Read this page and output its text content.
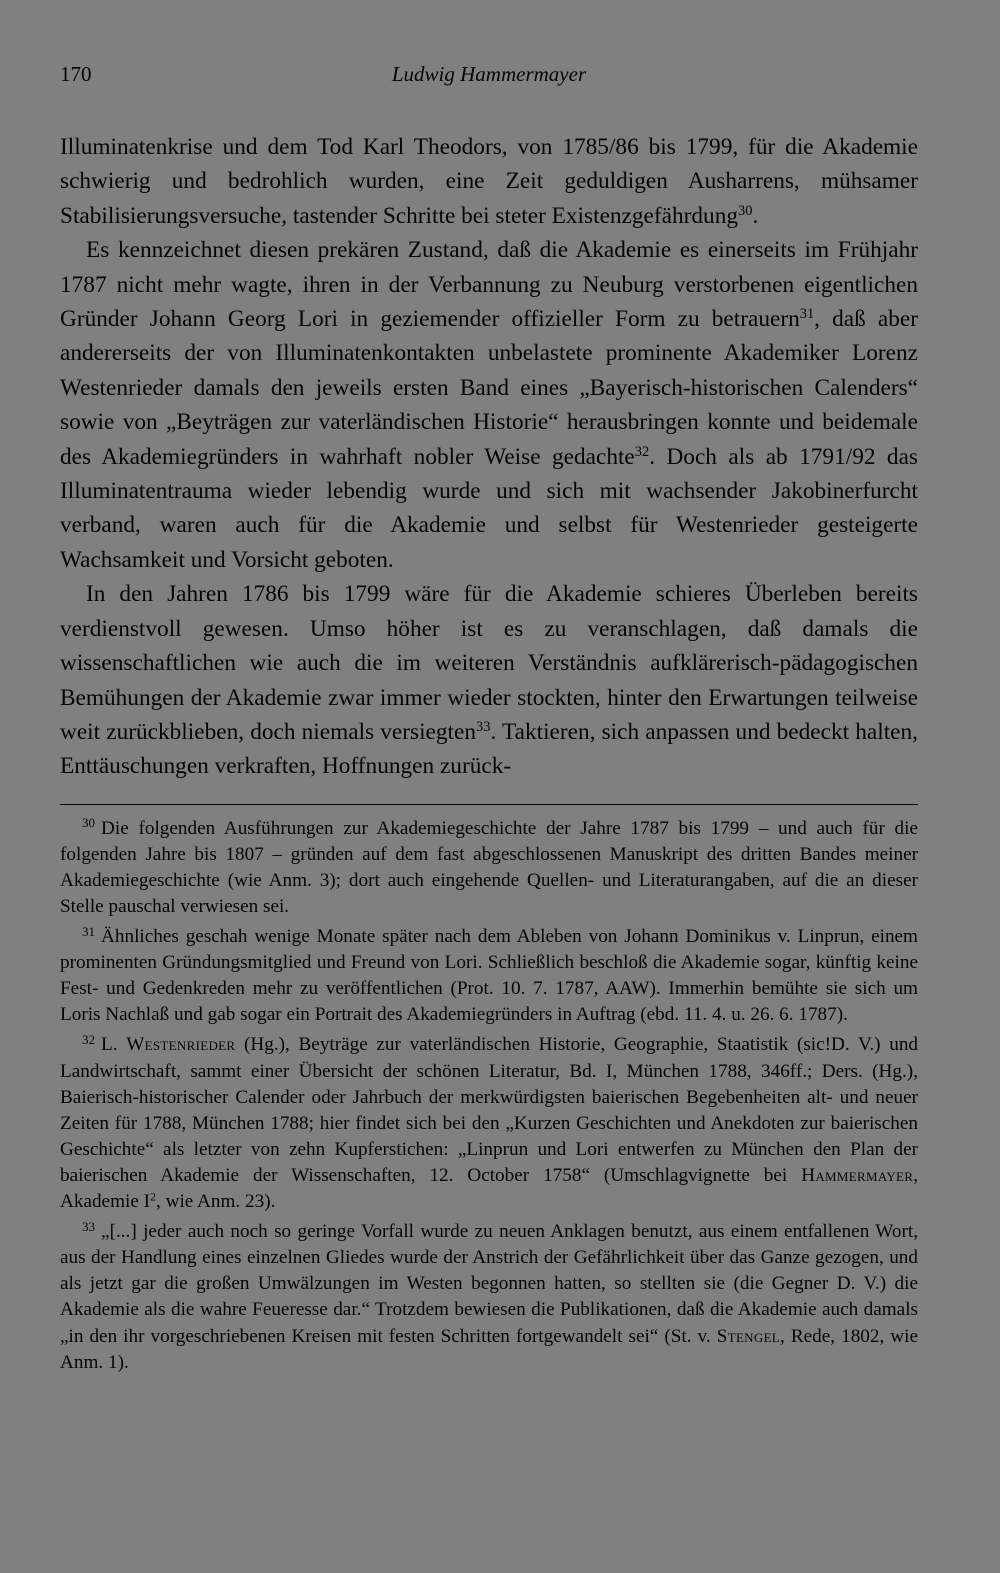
170	Ludwig Hammermayer

Illuminatenkrise und dem Tod Karl Theodors, von 1785/86 bis 1799, für die Akademie schwierig und bedrohlich wurden, eine Zeit geduldigen Ausharrens, mühsamer Stabilisierungsversuche, tastender Schritte bei steter Existenzgefährdung$^{30}$.

Es kennzeichnet diesen prekären Zustand, daß die Akademie es einerseits im Frühjahr 1787 nicht mehr wagte, ihren in der Verbannung zu Neuburg verstorbenen eigentlichen Gründer Johann Georg Lori in geziemender offizieller Form zu betrauern$^{31}$, daß aber andererseits der von Illuminatenkontakten unbelastete prominente Akademiker Lorenz Westenrieder damals den jeweils ersten Band eines „Bayerisch-historischen Calenders“ sowie von „Beyträgen zur vaterländischen Historie“ herausbringen konnte und beidemale des Akademiegründers in wahrhaft nobler Weise gedachte$^{32}$. Doch als ab 1791/92 das Illuminatentrauma wieder lebendig wurde und sich mit wachsender Jakobinerfurcht verband, waren auch für die Akademie und selbst für Westenrieder gesteigerte Wachsamkeit und Vorsicht geboten.

In den Jahren 1786 bis 1799 wäre für die Akademie schieres Überleben bereits verdienstvoll gewesen. Umso höher ist es zu veranschlagen, daß damals die wissenschaftlichen wie auch die im weiteren Verständnis aufklärerisch-pädagogischen Bemühungen der Akademie zwar immer wieder stockten, hinter den Erwartungen teilweise weit zurückblieben, doch niemals versiegten$^{33}$. Taktieren, sich anpassen und bedeckt halten, Enttäuschungen verkraften, Hoffnungen zurück-

$^{30}$ Die folgenden Ausführungen zur Akademiegeschichte der Jahre 1787 bis 1799 – und auch für die folgenden Jahre bis 1807 – gründen auf dem fast abgeschlossenen Manuskript des dritten Bandes meiner Akademiegeschichte (wie Anm. 3); dort auch eingehende Quellen- und Literaturangaben, auf die an dieser Stelle pauschal verwiesen sei.

$^{31}$ Ähnliches geschah wenige Monate später nach dem Ableben von Johann Dominikus v. Linprun, einem prominenten Gründungsmitglied und Freund von Lori. Schließlich beschloß die Akademie sogar, künftig keine Fest- und Gedenkreden mehr zu veröffentlichen (Prot. 10. 7. 1787, AAW). Immerhin bemühte sie sich um Loris Nachlaß und gab sogar ein Portrait des Akademiegründers in Auftrag (ebd. 11. 4. u. 26. 6. 1787).

$^{32}$ L. Westenrieder (Hg.), Beyträge zur vaterländischen Historie, Geographie, Staatistik (sic!D. V.) und Landwirtschaft, sammt einer Übersicht der schönen Literatur, Bd. I, München 1788, 346ff.; Ders. (Hg.), Baierisch-historischer Calender oder Jahrbuch der merkwürdigsten baierischen Begebenheiten alt- und neuer Zeiten für 1788, München 1788; hier findet sich bei den „Kurzen Geschichten und Anekdoten zur baierischen Geschichte“ als letzter von zehn Kupferstichen: „Linprun und Lori entwerfen zu München den Plan der baierischen Akademie der Wissenschaften, 12. October 1758“ (Umschlagvignette bei Hammermayer, Akademie $I^2$, wie Anm. 23).

$^{33}$ „[...] jeder auch noch so geringe Vorfall wurde zu neuen Anklagen benutzt, aus einem entfallenen Wort, aus der Handlung eines einzelnen Gliedes wurde der Anstrich der Gefährlichkeit über das Ganze gezogen, und als jetzt gar die großen Umwälzungen im Westen begonnen hatten, so stellten sie (die Gegner D. V.) die Akademie als die wahre Feueresse dar.“ Trotzdem bewiesen die Publikationen, daß die Akademie auch damals „in den ihr vorgeschriebenen Kreisen mit festen Schritten fortgewandelt sei“ (St. v. Stengel, Rede, 1802, wie Anm. 1).
